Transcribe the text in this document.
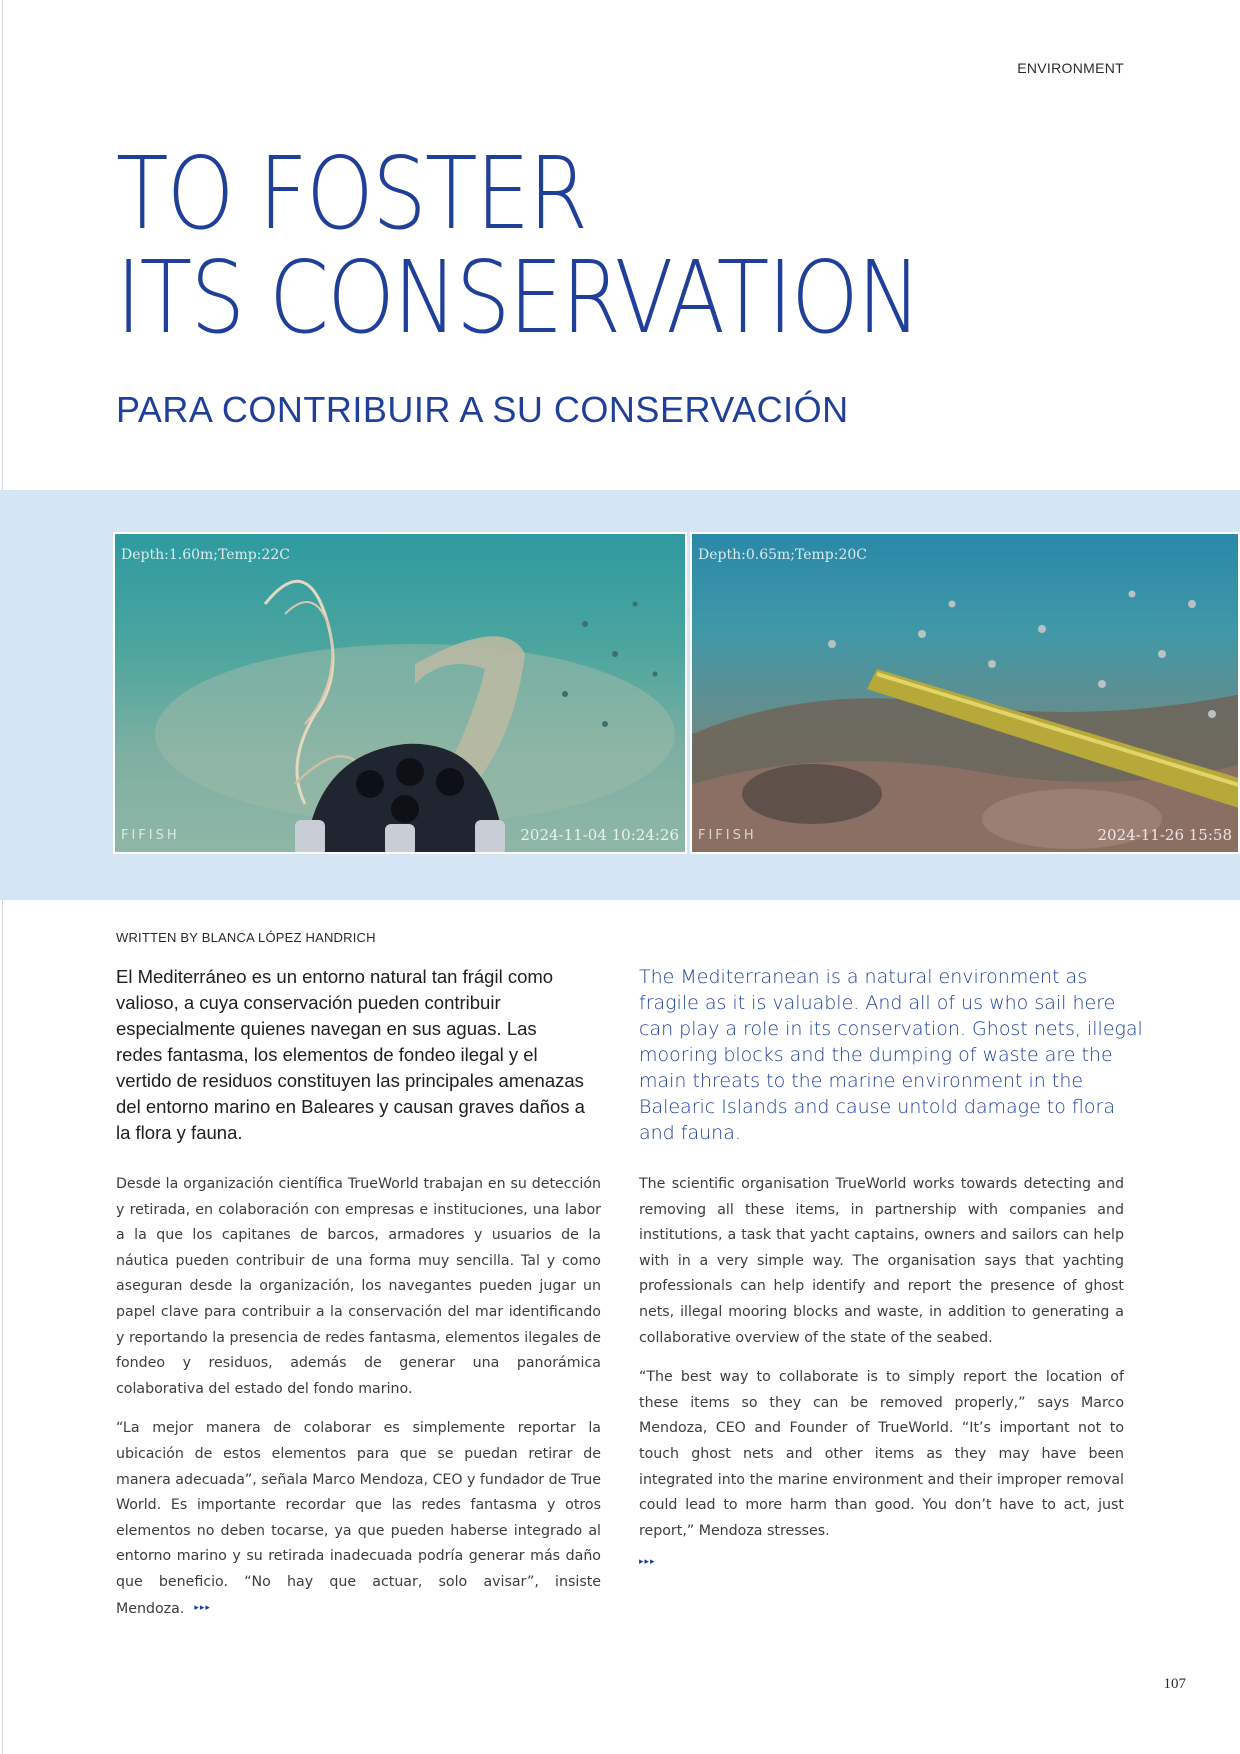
ENVIRONMENT
TO FOSTER
ITS CONSERVATION
PARA CONTRIBUIR A SU CONSERVACIÓN
Depth:1.60m;Temp:22C
FIFISH	2024-11-04 10:24:26
Depth:0.65m;Temp:20C
FIFISH	2024-11-26 15:58
WRITTEN BY BLANCA LÓPEZ HANDRICH

El Mediterráneo es un entorno natural tan frágil como valioso, a cuya conservación pueden contribuir especialmente quienes navegan en sus aguas. Las redes fantasma, los elementos de fondeo ilegal y el vertido de residuos constituyen las principales amenazas del entorno marino en Baleares y causan graves daños a la flora y fauna.

The Mediterranean is a natural environment as fragile as it is valuable. And all of us who sail here can play a role in its conservation. Ghost nets, illegal mooring blocks and the dumping of waste are the main threats to the marine environment in the Balearic Islands and cause untold damage to flora and fauna.

Desde la organización científica TrueWorld trabajan en su detección y retirada, en colaboración con empresas e instituciones, una labor a la que los capitanes de barcos, armadores y usuarios de la náutica pueden contribuir de una forma muy sencilla. Tal y como aseguran desde la organización, los navegantes pueden jugar un papel clave para contribuir a la conservación del mar identificando y reportando la presencia de redes fantasma, elementos ilegales de fondeo y residuos, además de generar una panorámica colaborativa del estado del fondo marino.

“La mejor manera de colaborar es simplemente reportar la ubicación de estos elementos para que se puedan retirar de manera adecuada”, señala Marco Mendoza, CEO y fundador de True World. Es importante recordar que las redes fantasma y otros elementos no deben tocarse, ya que pueden haberse integrado al entorno marino y su retirada inadecuada podría generar más daño que beneficio. “No hay que actuar, solo avisar”, insiste Mendoza. ▸▸▸

The scientific organisation TrueWorld works towards detecting and removing all these items, in partnership with companies and institutions, a task that yacht captains, owners and sailors can help with in a very simple way. The organisation says that yachting professionals can help identify and report the presence of ghost nets, illegal mooring blocks and waste, in addition to generating a collaborative overview of the state of the seabed.

“The best way to collaborate is to simply report the location of these items so they can be removed properly,” says Marco Mendoza, CEO and Founder of TrueWorld. “It’s important not to touch ghost nets and other items as they may have been integrated into the marine environment and their improper removal could lead to more harm than good. You don’t have to act, just report,” Mendoza stresses.

▸▸▸
107
